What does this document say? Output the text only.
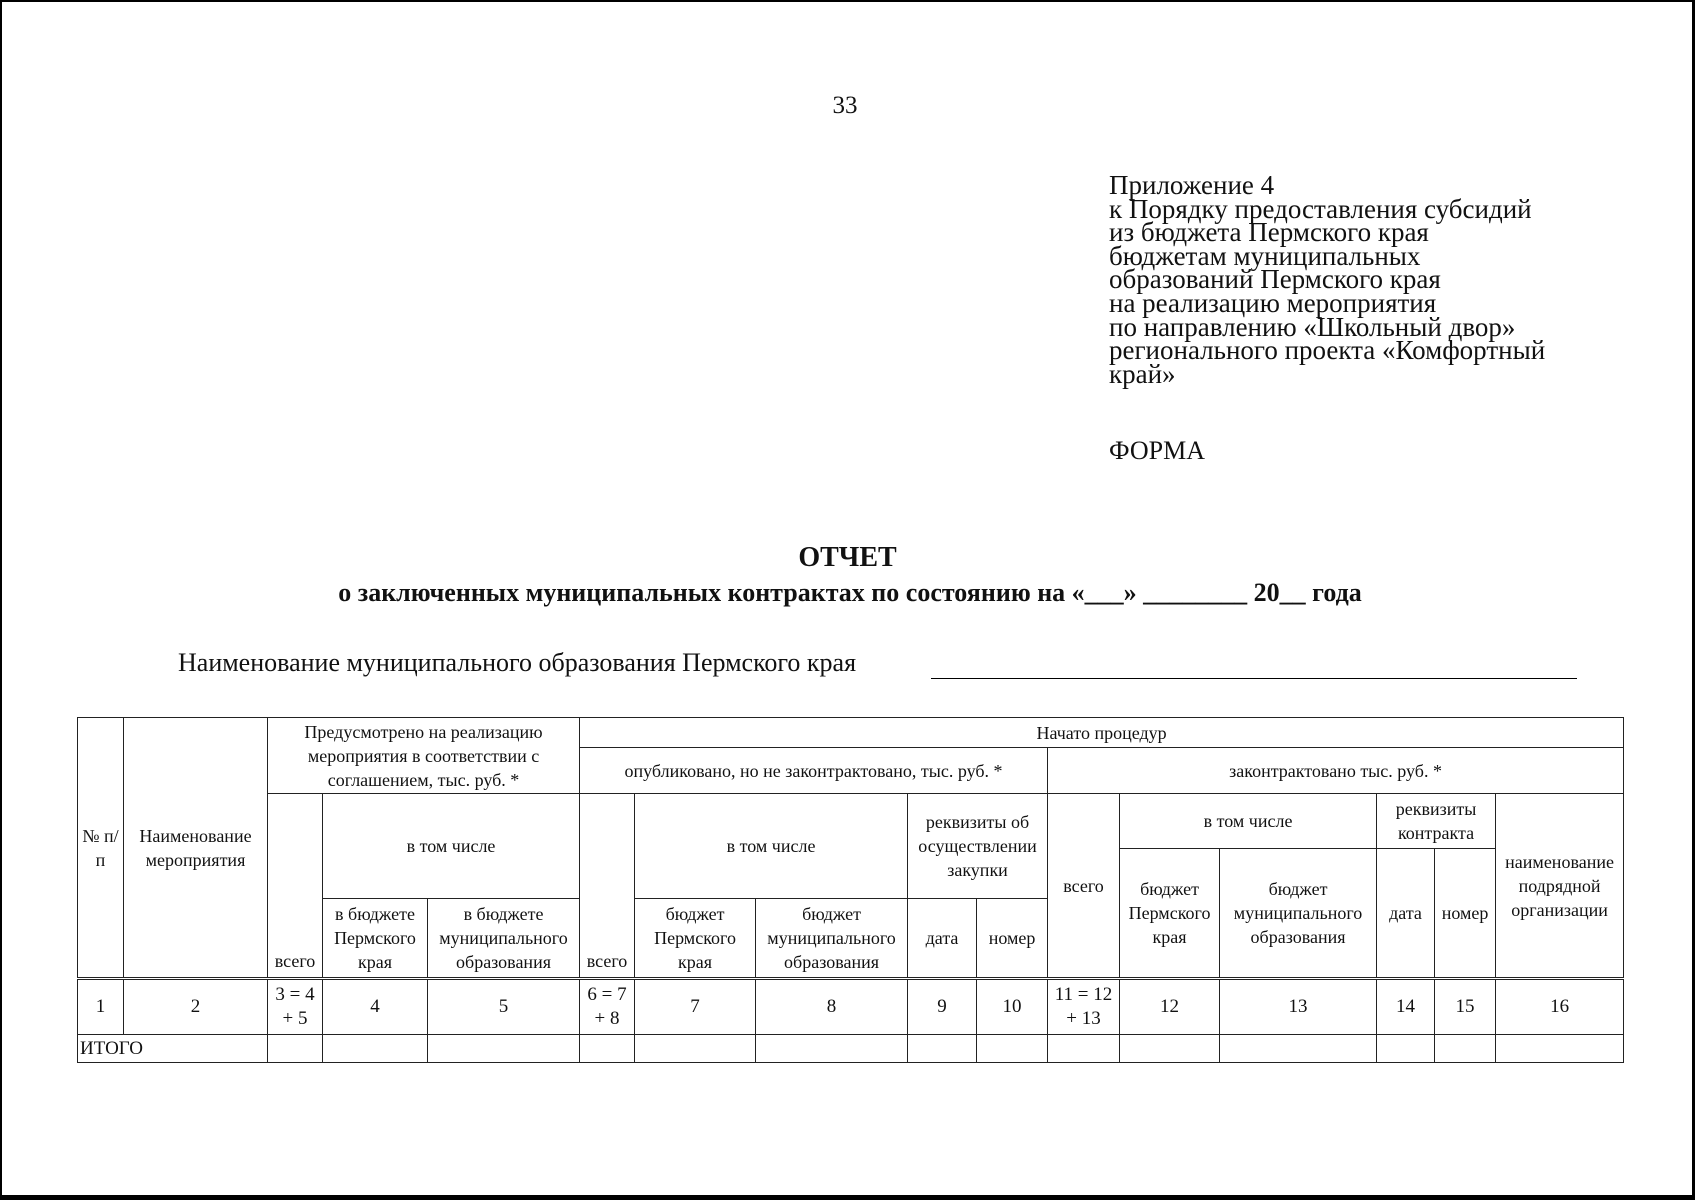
33
Приложение 4
к Порядку предоставления субсидий
из бюджета Пермского края
бюджетам муниципальных
образований Пермского края
на реализацию мероприятия
по направлению «Школьный двор»
регионального проекта «Комфортный
край»
ФОРМА
ОТЧЕТ
о заключенных муниципальных контрактах по состоянию на «___» ________ 20__ года
Наименование муниципального образования Пермского края
№ п/п	Наименование мероприятия	Предусмотрено на реализацию мероприятия в соответствии с соглашением, тыс. руб. *			Начато процедур										
					опубликовано, но не законтрактовано, тыс. руб. *					законтрактовано тыс. руб. *					
		всего	в том числе		всего	в том числе		реквизиты об осуществлении закупки		всего	в том числе		реквизиты контракта		наименование подрядной организации
											бюджет Пермского края	бюджет муниципального образования	дата	номер	
			в бюджете Пермского края	в бюджете муниципального образования		бюджет Пермского края	бюджет муниципального образования	дата	номер						
1	2	3 = 4 + 5	4	5	6 = 7 + 8	7	8	9	10	11 = 12 + 13	12	13	14	15	16
ИТОГО															
